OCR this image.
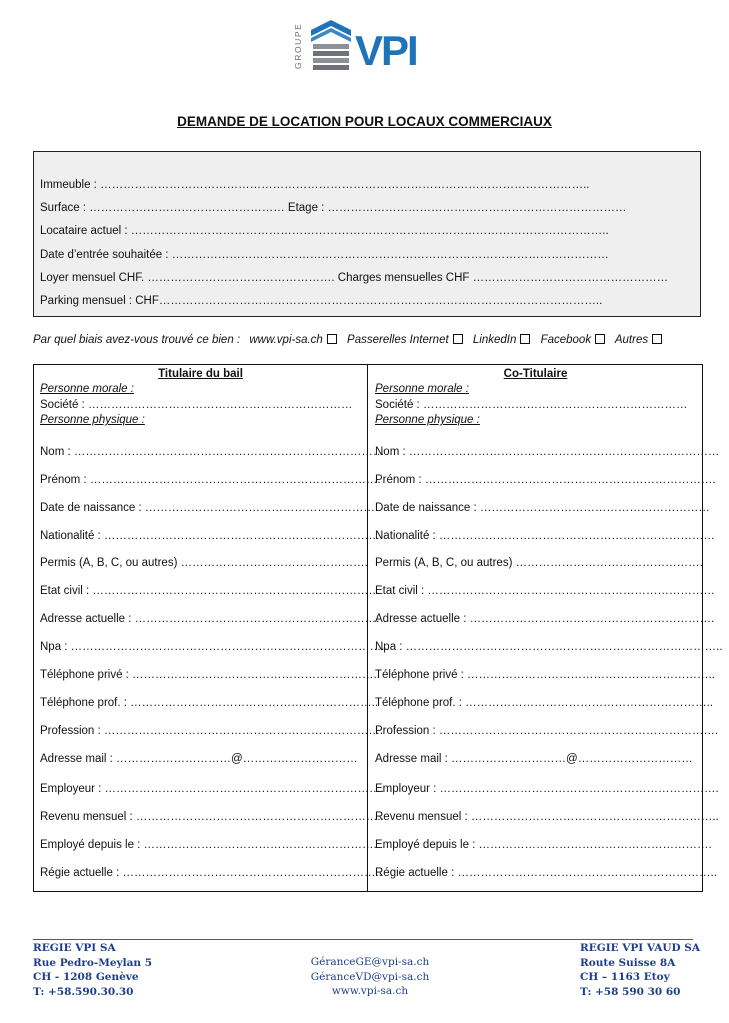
GROUPE VPI
DEMANDE DE LOCATION POUR LOCAUX COMMERCIAUX
Immeuble : ………………………………………………………………………………………………………………..
Surface : …………………………………………… Etage : ……………………………………………………………………
Locataire actuel : ……………………………………………………………………………………………………………..
Date d’entrée souhaitée : ……………………………………………………………………………………………………
Loyer mensuel CHF. …………………………………………. Charges mensuelles CHF ……………………………………………
Parking mensuel : CHF……………………………………………………………………………………………………..
Par quel biais avez-vous trouvé ce bien : www.vpi-sa.ch Passerelles Internet LinkedIn Facebook Autres
Titulaire du bail
Personne morale :
Société : ……………………………………………………………
Personne physique :
Nom : ………………………………………………………………………
Prénom : ………………………………………………………………….
Date de naissance : ……………………………………………………
Nationalité : ………………………………………………………………
Permis (A, B, C, ou autres) ………………………………………….
Etat civil : …………………………………………………………………
Adresse actuelle : ……………………………………………………….
Npa : ………………………………………………………………………..
Téléphone privé : ………………………………………………………..
Téléphone prof. : ………………………………………………………..
Profession : ……………………………………………………………….
Adresse mail : …………………………@…………………………
Employeur : ……………………………………………………………….
Revenu mensuel : ………………………………………………………..
Employé depuis le : …………………………………………………….
Régie actuelle : …………………………………………………………..
Co-Titulaire
Personne morale :
Société : ……………………………………………………………
Personne physique :
Nom : ………………………………………………………………………
Prénom : ………………………………………………………………….
Date de naissance : ……………………………………………………
Nationalité : ………………………………………………………………
Permis (A, B, C, ou autres) ………………………………………….
Etat civil : …………………………………………………………………
Adresse actuelle : ……………………………………………………….
Npa : ………………………………………………………………………..
Téléphone privé : ………………………………………………………..
Téléphone prof. : ………………………………………………………..
Profession : ……………………………………………………………….
Adresse mail : …………………………@…………………………
Employeur : ……………………………………………………………….
Revenu mensuel : ………………………………………………………..
Employé depuis le : …………………………………………………….
Régie actuelle : …………………………………………………………..
REGIE VPI SA
Rue Pedro-Meylan 5
CH - 1208 Genève
T: +58.590.30.30
GéranceGE@vpi-sa.ch
GéranceVD@vpi-sa.ch
www.vpi-sa.ch
REGIE VPI VAUD SA
Route Suisse 8A
CH – 1163 Etoy
T: +58 590 30 60
